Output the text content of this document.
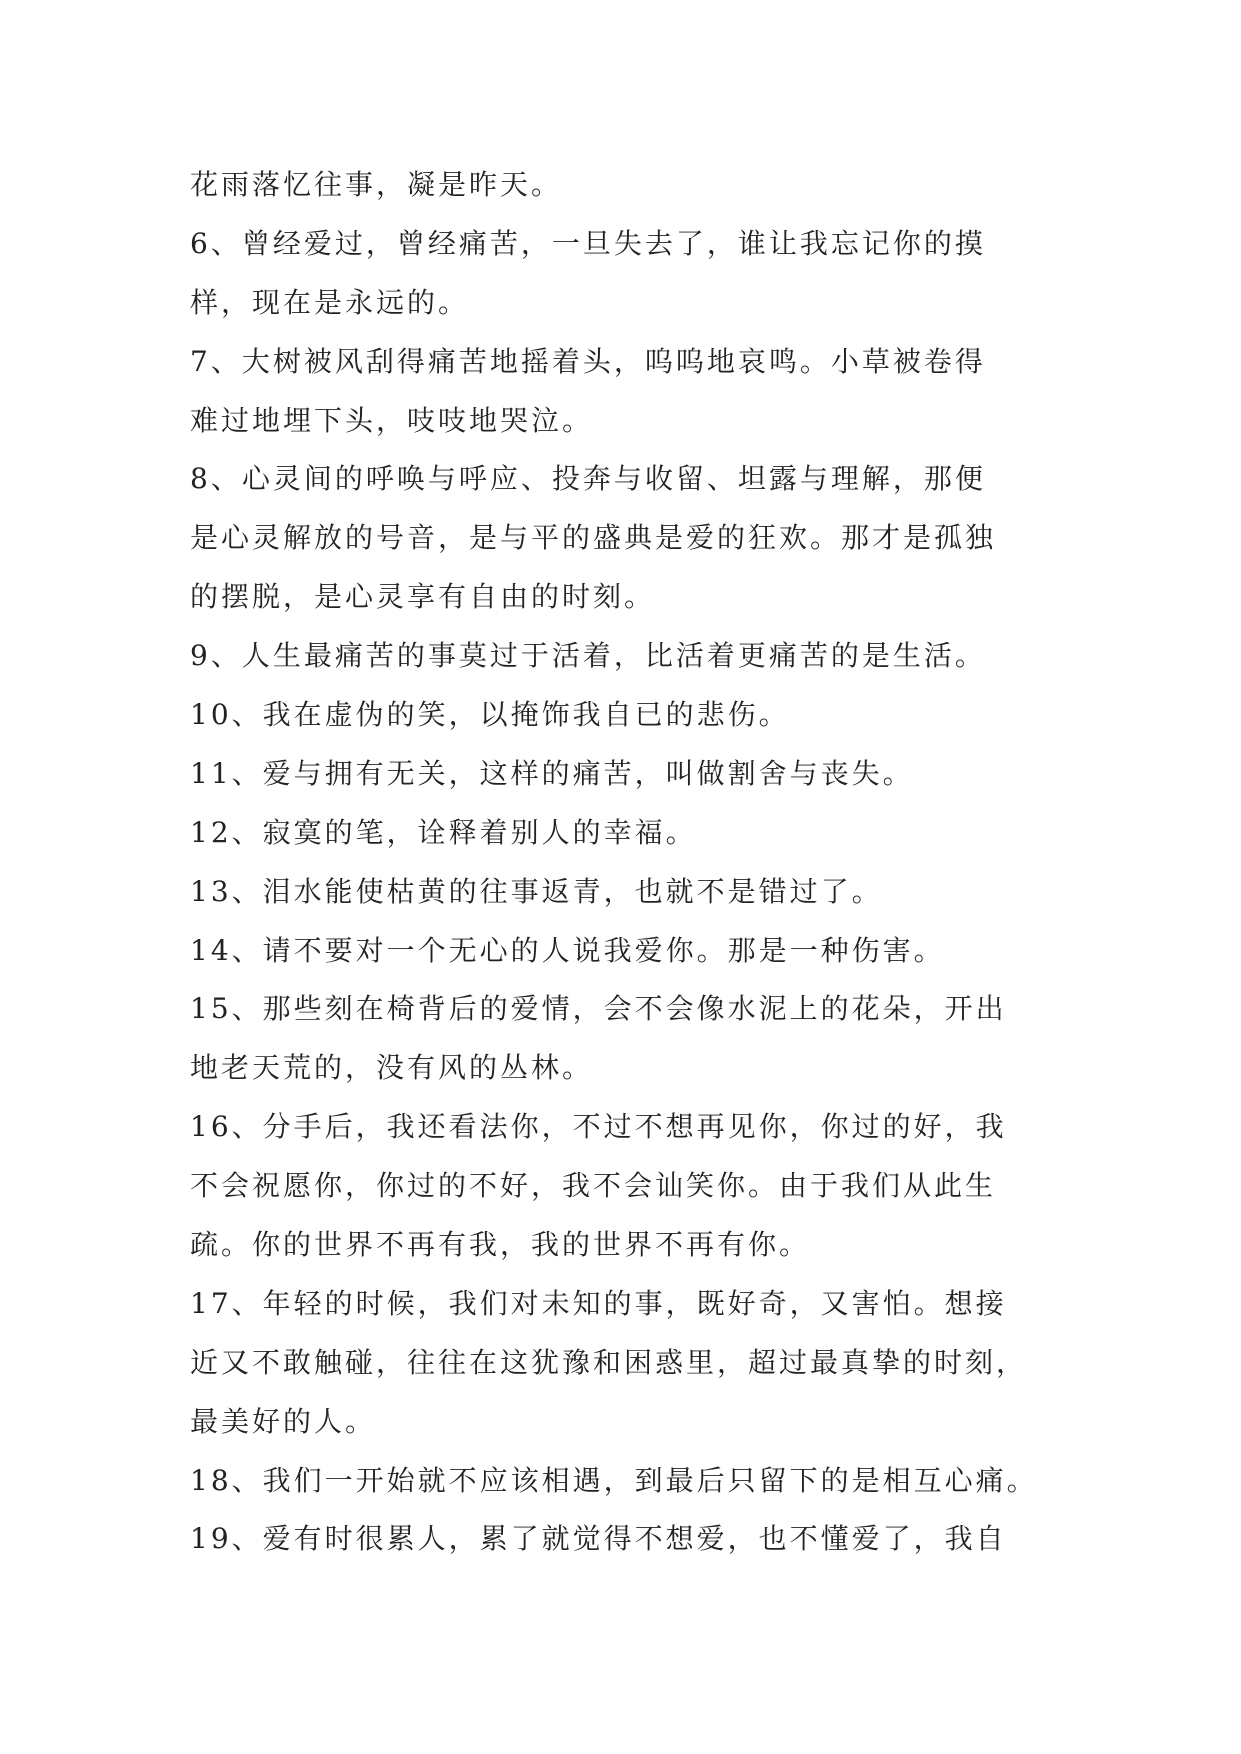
花雨落忆往事，凝是昨天。
6、曾经爱过，曾经痛苦，一旦失去了，谁让我忘记你的摸
样，现在是永远的。
7、大树被风刮得痛苦地摇着头，呜呜地哀鸣。小草被卷得
难过地埋下头，吱吱地哭泣。
8、心灵间的呼唤与呼应、投奔与收留、坦露与理解，那便
是心灵解放的号音，是与平的盛典是爱的狂欢。那才是孤独
的摆脱，是心灵享有自由的时刻。
9、人生最痛苦的事莫过于活着，比活着更痛苦的是生活。
10、我在虚伪的笑，以掩饰我自已的悲伤。
11、爱与拥有无关，这样的痛苦，叫做割舍与丧失。
12、寂寞的笔，诠释着别人的幸福。
13、泪水能使枯黄的往事返青，也就不是错过了。
14、请不要对一个无心的人说我爱你。那是一种伤害。
15、那些刻在椅背后的爱情，会不会像水泥上的花朵，开出
地老天荒的，没有风的丛林。
16、分手后，我还看法你，不过不想再见你，你过的好，我
不会祝愿你，你过的不好，我不会讪笑你。由于我们从此生
疏。你的世界不再有我，我的世界不再有你。
17、年轻的时候，我们对未知的事，既好奇，又害怕。想接
近又不敢触碰，往往在这犹豫和困惑里，超过最真挚的时刻，
最美好的人。
18、我们一开始就不应该相遇，到最后只留下的是相互心痛。
19、爱有时很累人，累了就觉得不想爱，也不懂爱了，我自
